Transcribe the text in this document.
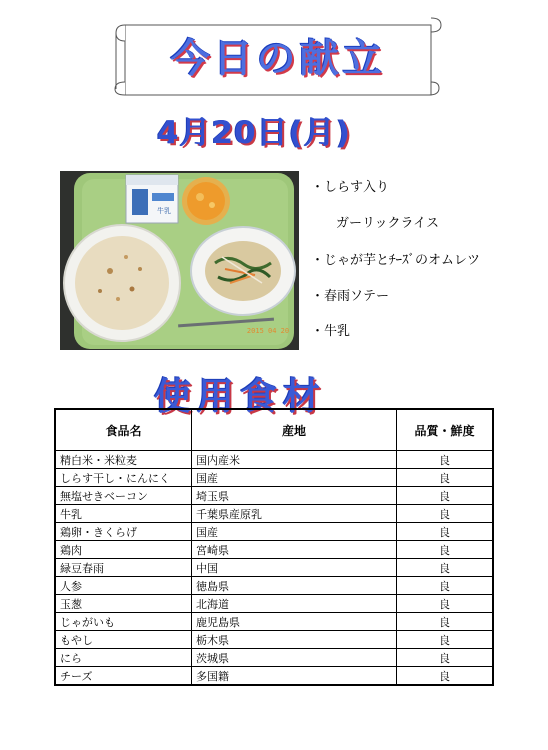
今日の献立
4月20日(月)
牛乳
2015 04 20
・しらす入り
ガーリックライス
・じゃが芋とﾁｰｽﾞのオムレツ
・春雨ソテー
・牛乳
使用食材
食品名	産地	品質・鮮度
精白米・米粒麦	国内産米	良
しらす干し・にんにく	国産	良
無塩せきベーコン	埼玉県	良
牛乳	千葉県産原乳	良
鶏卵・きくらげ	国産	良
鶏肉	宮崎県	良
緑豆春雨	中国	良
人参	徳島県	良
玉葱	北海道	良
じゃがいも	鹿児島県	良
もやし	栃木県	良
にら	茨城県	良
チーズ	多国籍	良
